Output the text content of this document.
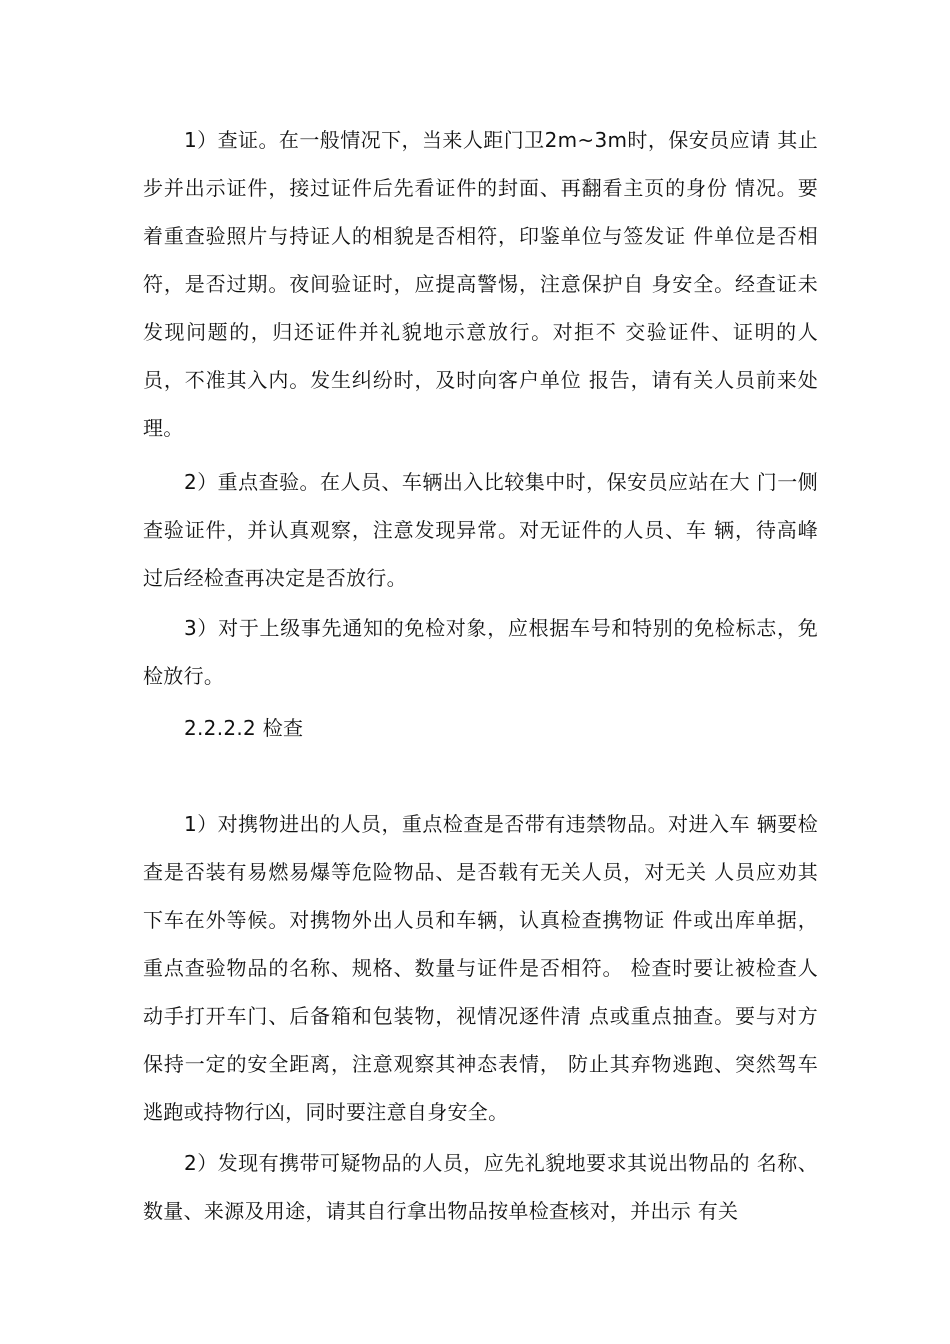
1）查证。在一般情况下，当来人距门卫2m~3m时，保安员应请 其止步并出示证件，接过证件后先看证件的封面、再翻看主页的身份 情况。要着重查验照片与持证人的相貌是否相符，印鉴单位与签发证 件单位是否相符，是否过期。夜间验证时，应提高警惕，注意保护自 身安全。经查证未发现问题的，归还证件并礼貌地示意放行。对拒不 交验证件、证明的人员，不准其入内。发生纠纷时，及时向客户单位 报告，请有关人员前来处理。

2）重点查验。在人员、车辆出入比较集中时，保安员应站在大 门一侧查验证件，并认真观察，注意发现异常。对无证件的人员、车 辆，待高峰过后经检查再决定是否放行。

3）对于上级事先通知的免检对象，应根据车号和特别的免检标志，免检放行。

2.2.2.2 检查

1）对携物进出的人员，重点检查是否带有违禁物品。对进入车 辆要检查是否装有易燃易爆等危险物品、是否载有无关人员，对无关 人员应劝其下车在外等候。对携物外出人员和车辆，认真检查携物证 件或出库单据，重点查验物品的名称、规格、数量与证件是否相符。 检查时要让被检查人动手打开车门、后备箱和包装物，视情况逐件清 点或重点抽查。要与对方保持一定的安全距离，注意观察其神态表情， 防止其弃物逃跑、突然驾车逃跑或持物行凶，同时要注意自身安全。

2）发现有携带可疑物品的人员，应先礼貌地要求其说出物品的 名称、数量、来源及用途，请其自行拿出物品按单检查核对，并出示 有关
